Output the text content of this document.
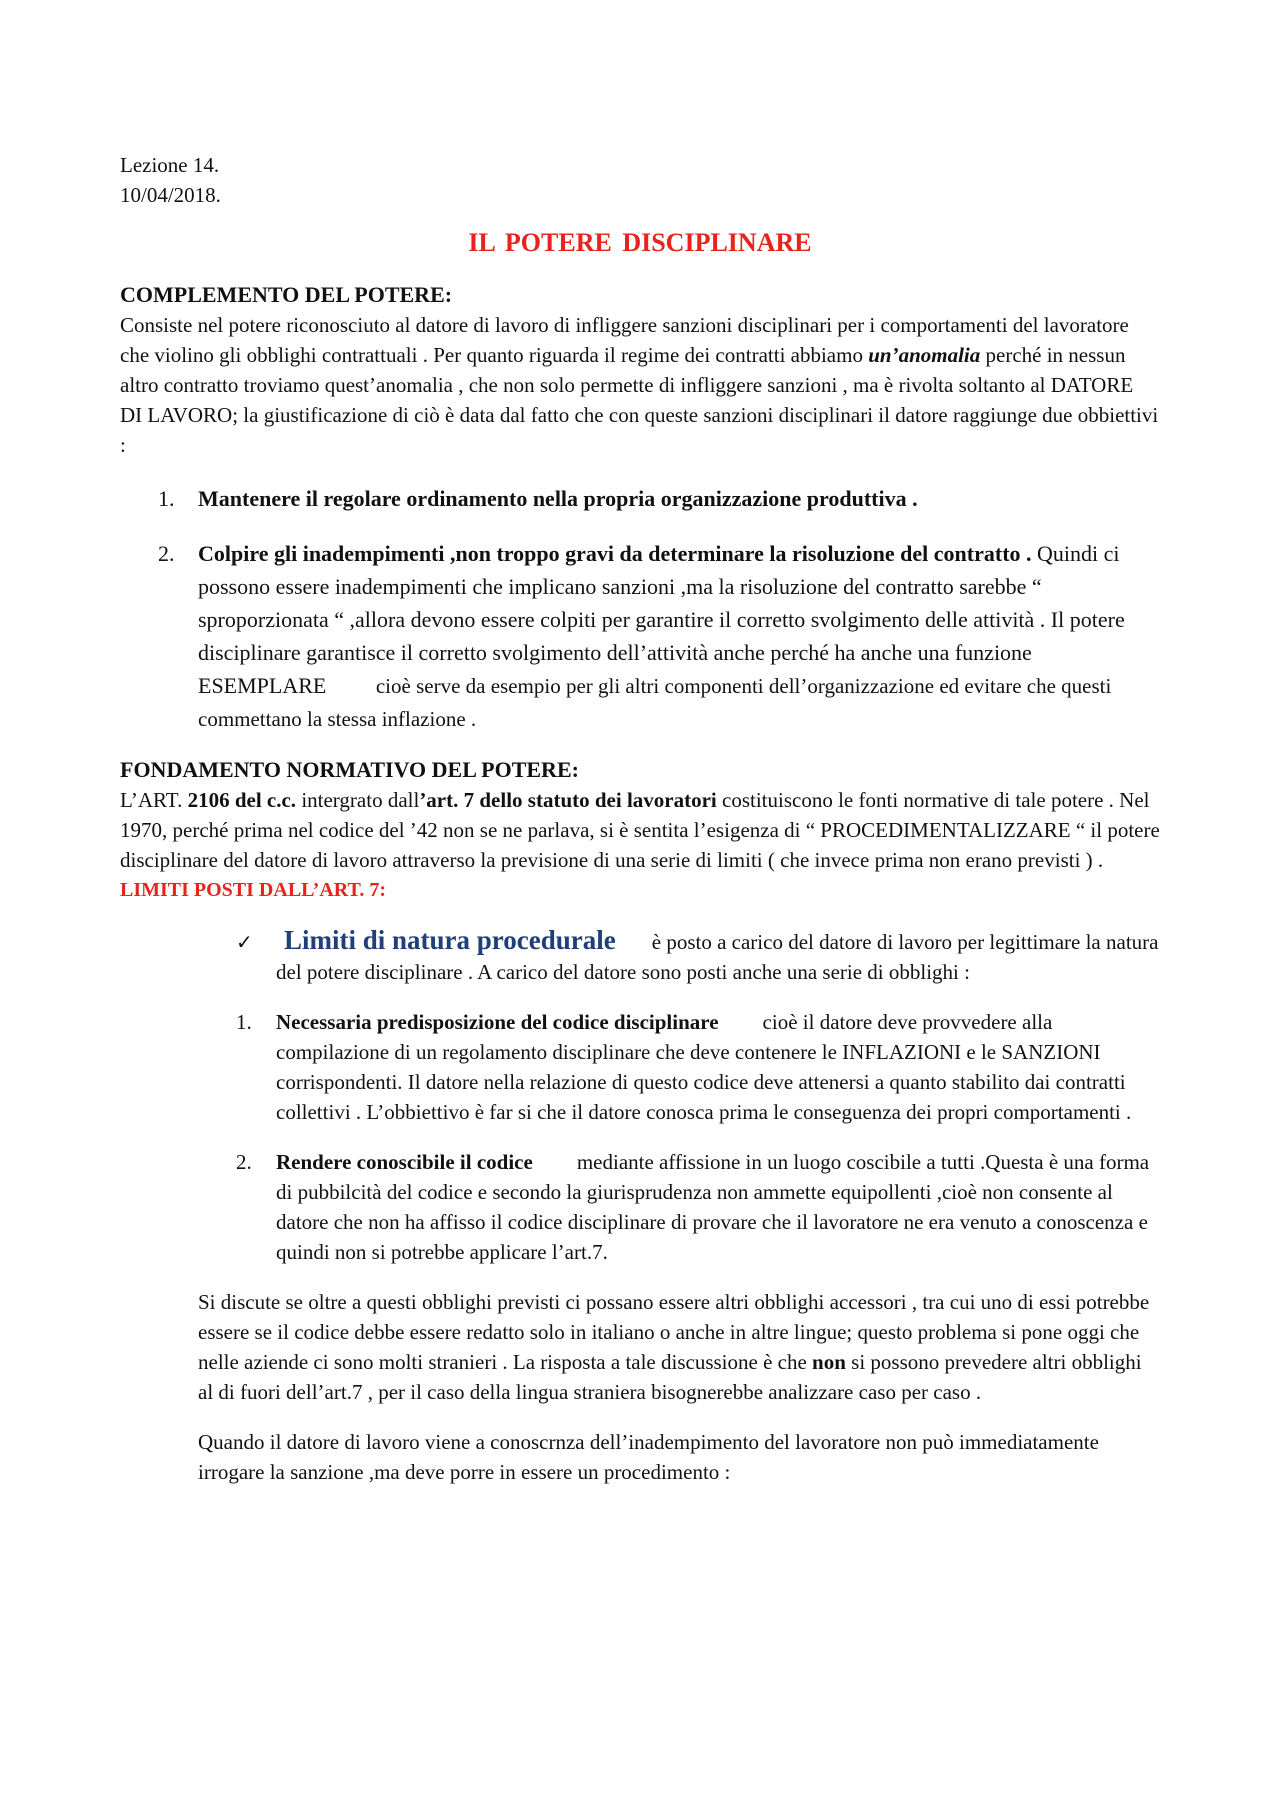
Lezione 14.
10/04/2018.
IL POTERE DISCIPLINARE
COMPLEMENTO DEL POTERE:

Consiste nel potere riconosciuto al datore di lavoro di infliggere sanzioni disciplinari per i comportamenti del lavoratore che violino gli obblighi contrattuali . Per quanto riguarda il regime dei contratti abbiamo un’anomalia perché in nessun altro contratto troviamo quest’anomalia , che non solo permette di infliggere sanzioni , ma è rivolta soltanto al DATORE DI LAVORO; la giustificazione di ciò è data dal fatto che con queste sanzioni disciplinari il datore raggiunge due obbiettivi :

1. Mantenere il regolare ordinamento nella propria organizzazione produttiva .
2. Colpire gli inadempimenti ,non troppo gravi da determinare la risoluzione del contratto . Quindi ci possono essere inadempimenti che implicano sanzioni ,ma la risoluzione del contratto sarebbe “ sproporzionata “ ,allora devono essere colpiti per garantire il corretto svolgimento delle attività . Il potere disciplinare garantisce il corretto svolgimento dell’attività anche perché ha anche una funzione ESEMPLARE cioè serve da esempio per gli altri componenti dell’organizzazione ed evitare che questi commettano la stessa inflazione .
FONDAMENTO NORMATIVO DEL POTERE:

L’ART. 2106 del c.c. intergrato dall’art. 7 dello statuto dei lavoratori costituiscono le fonti normative di tale potere . Nel 1970, perché prima nel codice del ’42 non se ne parlava, si è sentita l’esigenza di “ PROCEDIMENTALIZZARE “ il potere disciplinare del datore di lavoro attraverso la previsione di una serie di limiti ( che invece prima non erano previsti ) .

LIMITI POSTI DALL’ART. 7:
✓ Limiti di natura procedurale è posto a carico del datore di lavoro per legittimare la natura del potere disciplinare . A carico del datore sono posti anche una serie di obblighi :
1. Necessaria predisposizione del codice disciplinare cioè il datore deve provvedere alla compilazione di un regolamento disciplinare che deve contenere le INFLAZIONI e le SANZIONI corrispondenti. Il datore nella relazione di questo codice deve attenersi a quanto stabilito dai contratti collettivi . L’obbiettivo è far si che il datore conosca prima le conseguenza dei propri comportamenti .
2. Rendere conoscibile il codice mediante affissione in un luogo coscibile a tutti .Questa è una forma di pubbilcità del codice e secondo la giurisprudenza non ammette equipollenti ,cioè non consente al datore che non ha affisso il codice disciplinare di provare che il lavoratore ne era venuto a conoscenza e quindi non si potrebbe applicare l’art.7.

Si discute se oltre a questi obblighi previsti ci possano essere altri obblighi accessori , tra cui uno di essi potrebbe essere se il codice debbe essere redatto solo in italiano o anche in altre lingue; questo problema si pone oggi che nelle aziende ci sono molti stranieri . La risposta a tale discussione è che non si possono prevedere altri obblighi al di fuori dell’art.7 , per il caso della lingua straniera bisognerebbe analizzare caso per caso .

Quando il datore di lavoro viene a conoscrnza dell’inadempimento del lavoratore non può immediatamente irrogare la sanzione ,ma deve porre in essere un procedimento :
